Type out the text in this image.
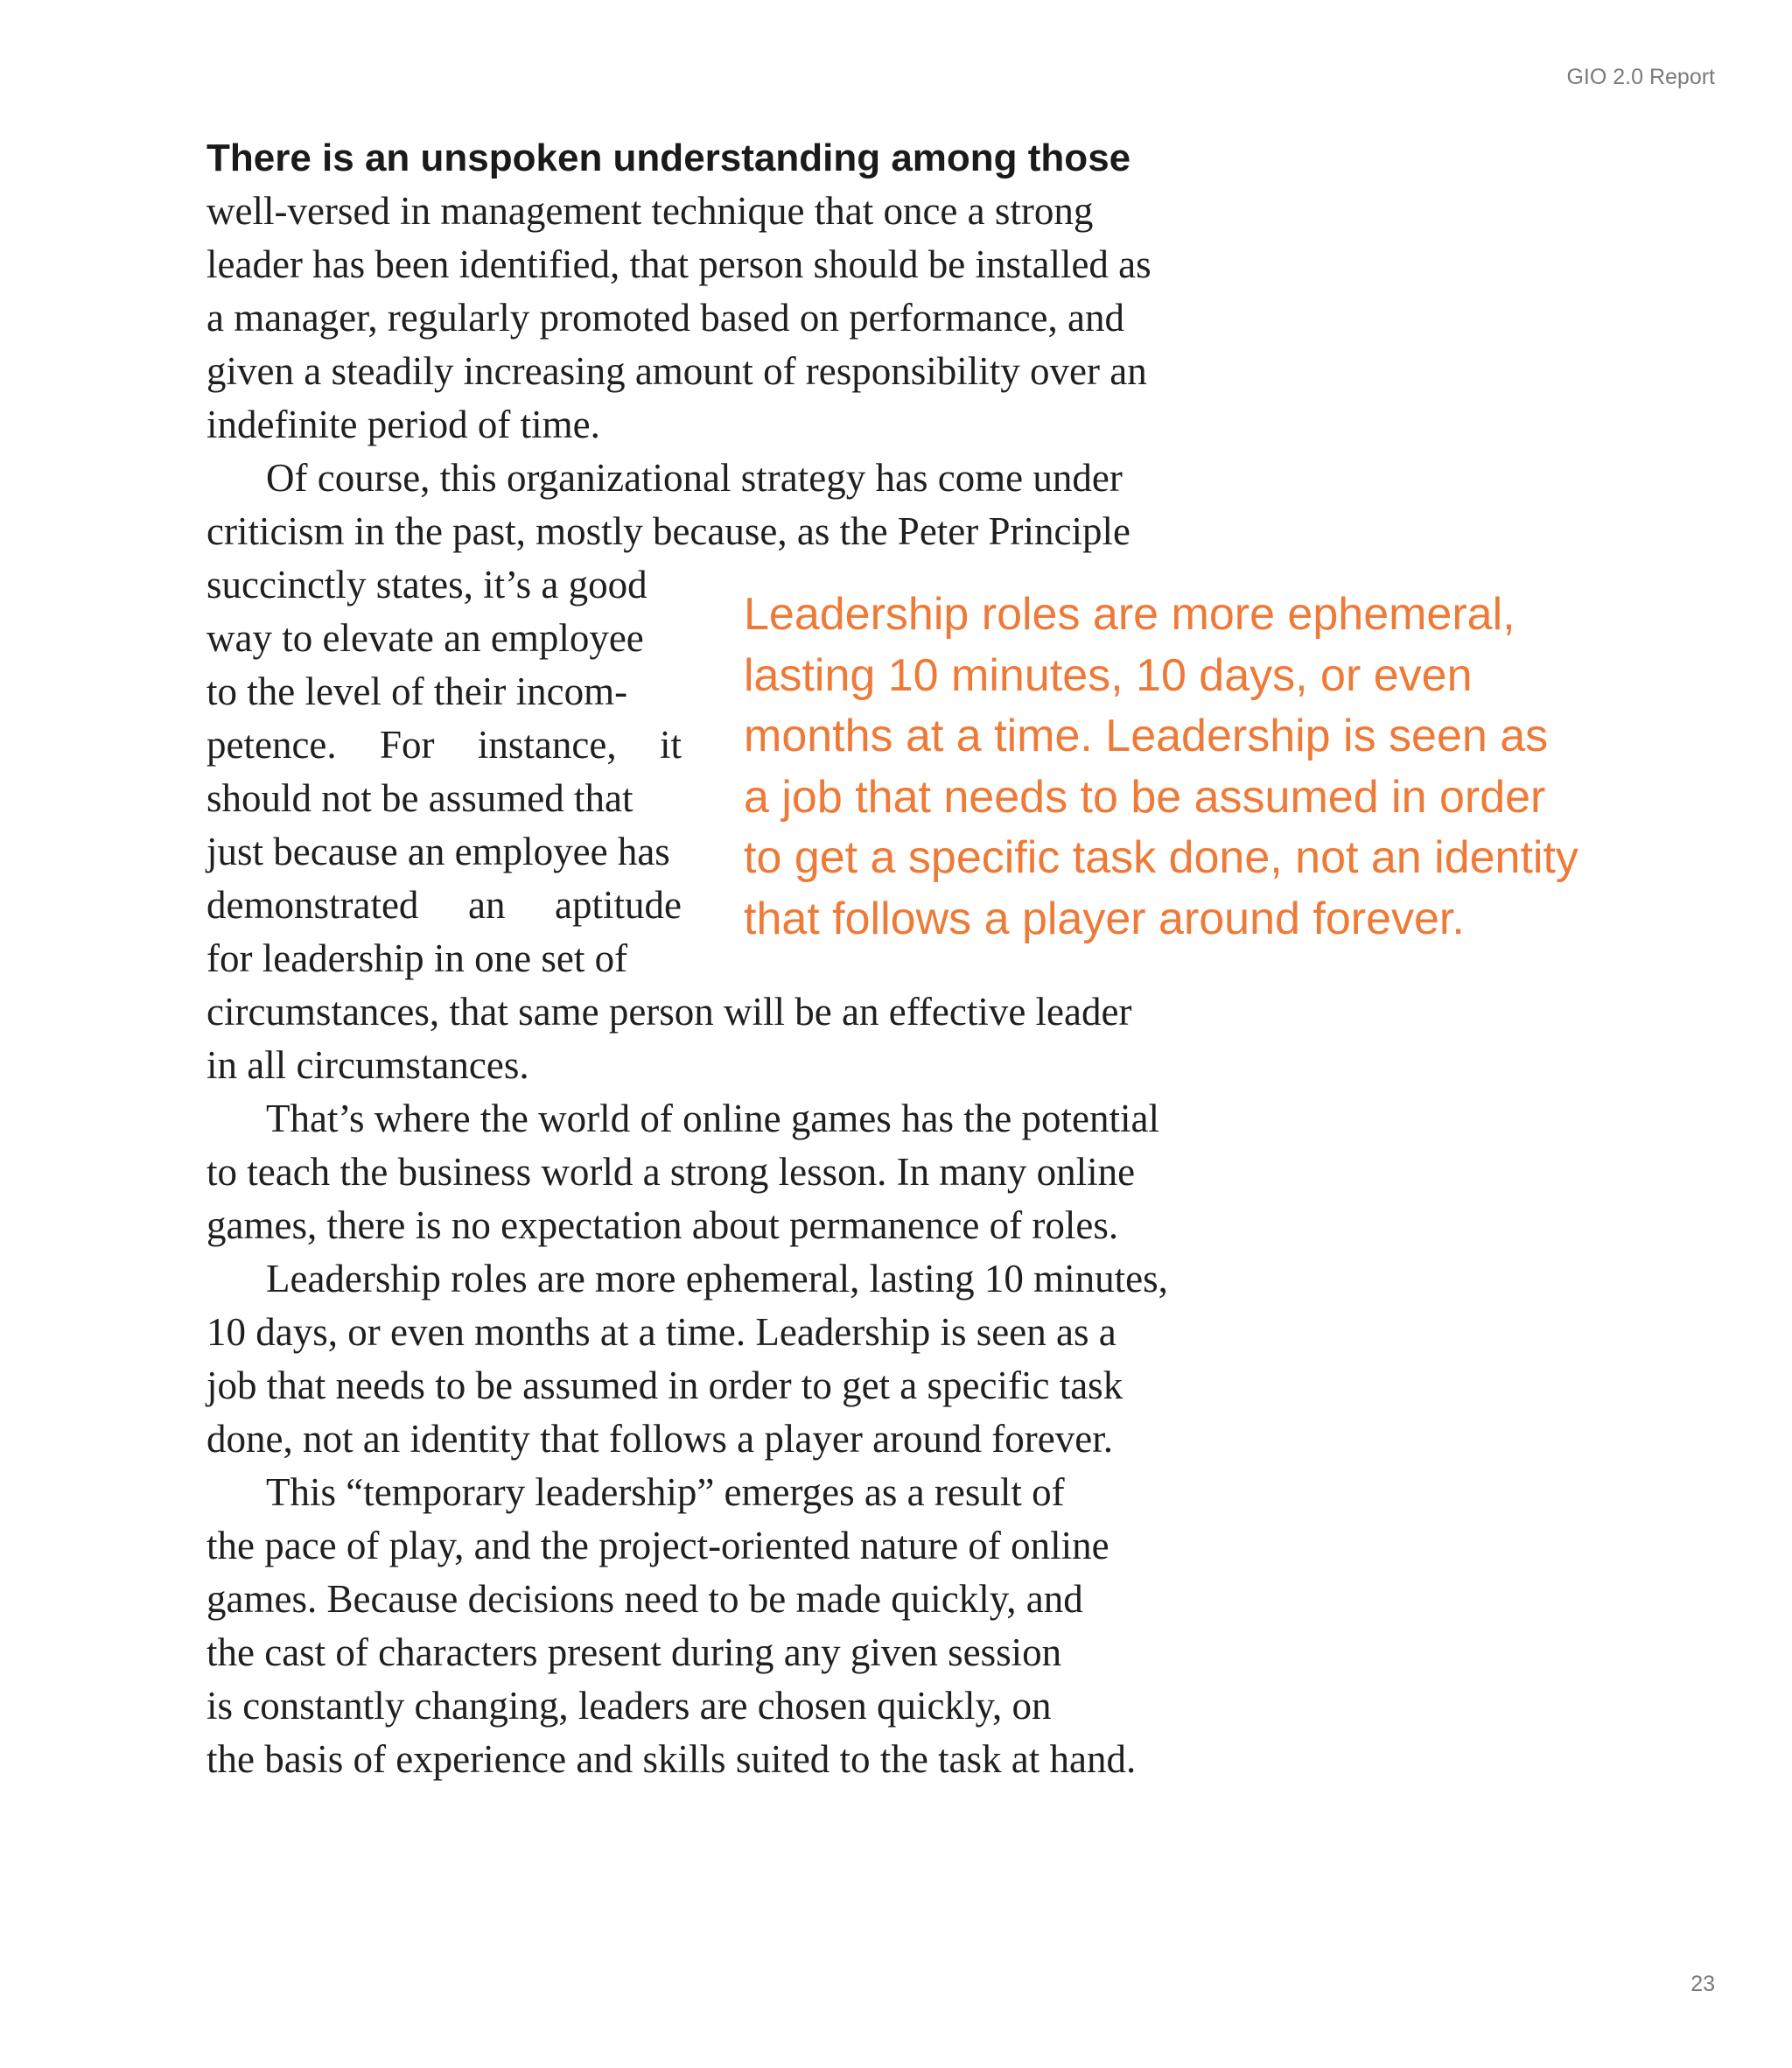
GIO 2.0 Report
There is an unspoken understanding among those
well-versed in management technique that once a strong
leader has been identified, that person should be installed as
a manager, regularly promoted based on performance, and
given a steadily increasing amount of responsibility over an
indefinite period of time.
Of course, this organizational strategy has come under
criticism in the past, mostly because, as the Peter Principle
succinctly states, it’s a good
way to elevate an employee
to the level of their incom-
petence. For instance, it
should not be assumed that
just because an employee has
demonstrated an aptitude
for leadership in one set of
circumstances, that same person will be an effective leader
in all circumstances.
That’s where the world of online games has the potential
to teach the business world a strong lesson. In many online
games, there is no expectation about permanence of roles.
Leadership roles are more ephemeral, lasting 10 minutes,
10 days, or even months at a time. Leadership is seen as a
job that needs to be assumed in order to get a specific task
done, not an identity that follows a player around forever.
This “temporary leadership” emerges as a result of
the pace of play, and the project-oriented nature of online
games. Because decisions need to be made quickly, and
the cast of characters present during any given session
is constantly changing, leaders are chosen quickly, on
the basis of experience and skills suited to the task at hand.
Leadership roles are more ephemeral,
lasting 10 minutes, 10 days, or even
months at a time. Leadership is seen as
a job that needs to be assumed in order
to get a specific task done, not an identity
that follows a player around forever.
23
